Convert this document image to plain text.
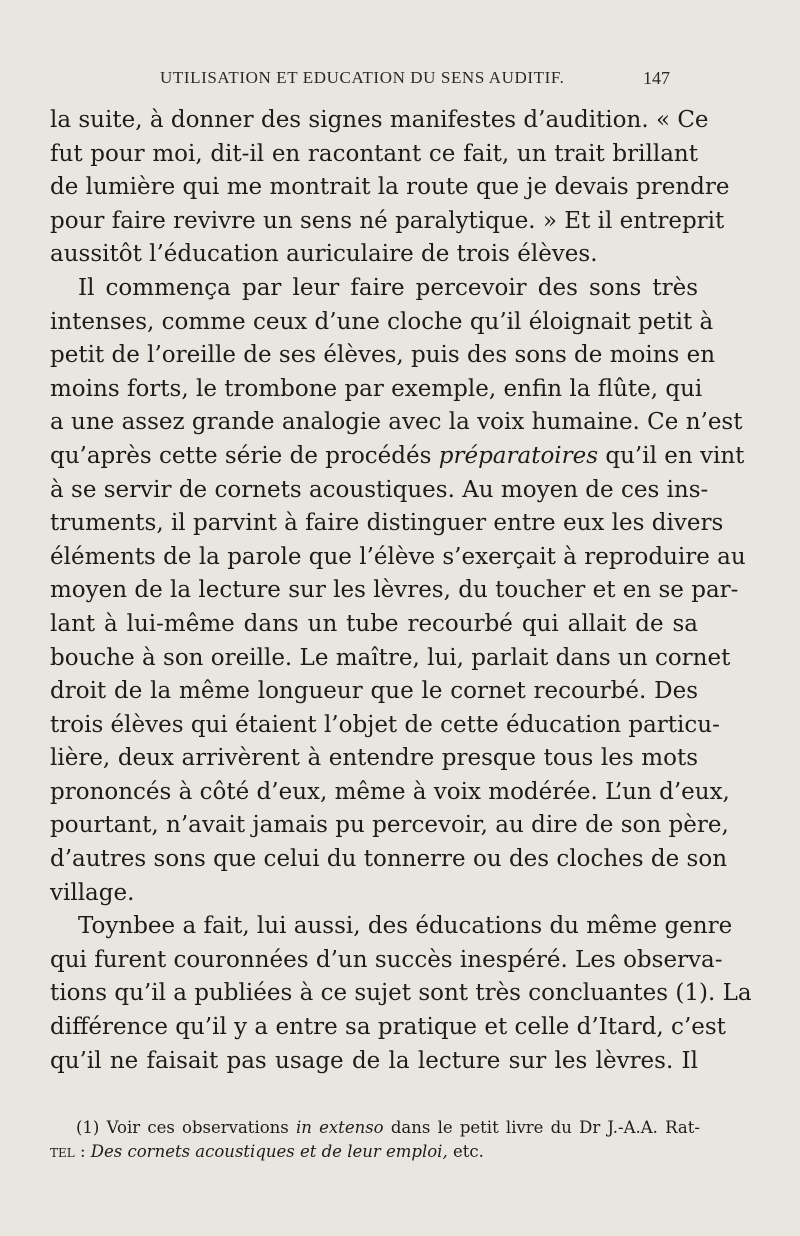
UTILISATION ET EDUCATION DU SENS AUDITIF.	147
la suite, à donner des signes manifestes d’audition. « Ce
fut pour moi, dit-il en racontant ce fait, un trait brillant
de lumière qui me montrait la route que je devais prendre
pour faire revivre un sens né paralytique. » Et il entreprit
aussitôt l’éducation auriculaire de trois élèves.
Il commença par leur faire percevoir des sons très
intenses, comme ceux d’une cloche qu’il éloignait petit à
petit de l’oreille de ses élèves, puis des sons de moins en
moins forts, le trombone par exemple, enfin la flûte, qui
a une assez grande analogie avec la voix humaine. Ce n’est
qu’après cette série de procédés préparatoires qu’il en vint
à se servir de cornets acoustiques. Au moyen de ces ins-
truments, il parvint à faire distinguer entre eux les divers
éléments de la parole que l’élève s’exerçait à reproduire au
moyen de la lecture sur les lèvres, du toucher et en se par-
lant à lui-même dans un tube recourbé qui allait de sa
bouche à son oreille. Le maître, lui, parlait dans un cornet
droit de la même longueur que le cornet recourbé. Des
trois élèves qui étaient l’objet de cette éducation particu-
lière, deux arrivèrent à entendre presque tous les mots
prononcés à côté d’eux, même à voix modérée. L’un d’eux,
pourtant, n’avait jamais pu percevoir, au dire de son père,
d’autres sons que celui du tonnerre ou des cloches de son
village.
Toynbee a fait, lui aussi, des éducations du même genre
qui furent couronnées d’un succès inespéré. Les observa-
tions qu’il a publiées à ce sujet sont très concluantes (1). La
différence qu’il y a entre sa pratique et celle d’Itard, c’est
qu’il ne faisait pas usage de la lecture sur les lèvres. Il
(1) Voir ces observations in extenso dans le petit livre du Dr J.-A.A. Rat-
tel : Des cornets acoustiques et de leur emploi, etc.
